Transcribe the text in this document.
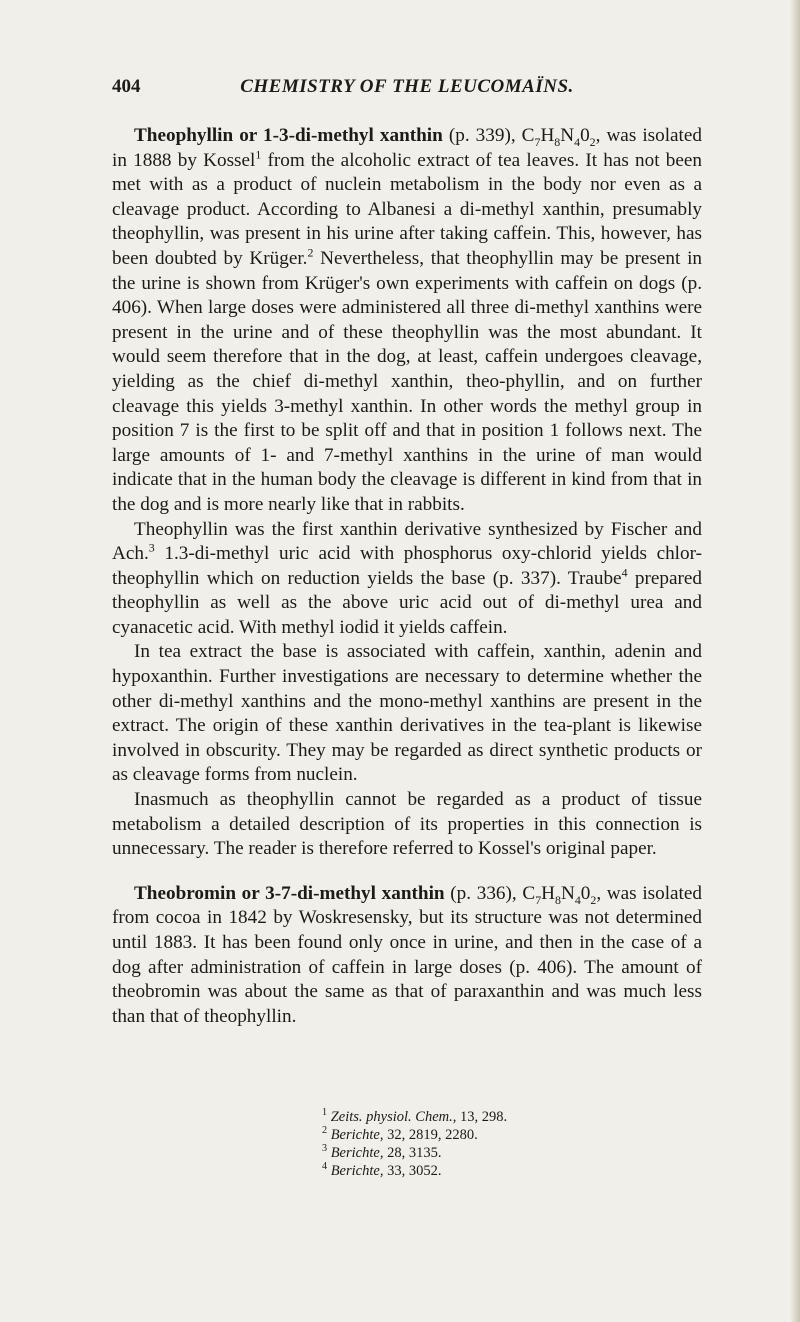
404	CHEMISTRY OF THE LEUCOMAÏNS.

Theophyllin or 1-3-di-methyl xanthin (p. 339), $C_7H_8N_40_2$, was isolated in 1888 by Kossel$^1$ from the alcoholic extract of tea leaves. It has not been met with as a product of nuclein metabolism in the body nor even as a cleavage product. According to Albanesi a di-methyl xanthin, presumably theophyllin, was present in his urine after taking caffein. This, however, has been doubted by Krüger.$^2$ Nevertheless, that theophyllin may be present in the urine is shown from Krüger's own experiments with caffein on dogs (p. 406). When large doses were administered all three di-methyl xanthins were present in the urine and of these theophyllin was the most abundant. It would seem therefore that in the dog, at least, caffein undergoes cleavage, yielding as the chief di-methyl xanthin, theo-phyllin, and on further cleavage this yields 3-methyl xanthin. In other words the methyl group in position 7 is the first to be split off and that in position 1 follows next. The large amounts of 1- and 7-methyl xanthins in the urine of man would indicate that in the human body the cleavage is different in kind from that in the dog and is more nearly like that in rabbits.

Theophyllin was the first xanthin derivative synthesized by Fischer and Ach.$^3$ 1.3-di-methyl uric acid with phosphorus oxy-chlorid yields chlor-theophyllin which on reduction yields the base (p. 337). Traube$^4$ prepared theophyllin as well as the above uric acid out of di-methyl urea and cyanacetic acid. With methyl iodid it yields caffein.

In tea extract the base is associated with caffein, xanthin, adenin and hypoxanthin. Further investigations are necessary to determine whether the other di-methyl xanthins and the mono-methyl xanthins are present in the extract. The origin of these xanthin derivatives in the tea-plant is likewise involved in obscurity. They may be regarded as direct synthetic products or as cleavage forms from nuclein.

Inasmuch as theophyllin cannot be regarded as a product of tissue metabolism a detailed description of its properties in this connection is unnecessary. The reader is therefore referred to Kossel's original paper.

Theobromin or 3-7-di-methyl xanthin (p. 336), $C_7H_8N_40_2$, was isolated from cocoa in 1842 by Woskresensky, but its structure was not determined until 1883. It has been found only once in urine, and then in the case of a dog after administration of caffein in large doses (p. 406). The amount of theobromin was about the same as that of paraxanthin and was much less than that of theophyllin.

$^1$ Zeits. physiol. Chem., 13, 298.
$^2$ Berichte, 32, 2819, 2280.
$^3$ Berichte, 28, 3135.
$^4$ Berichte, 33, 3052.
